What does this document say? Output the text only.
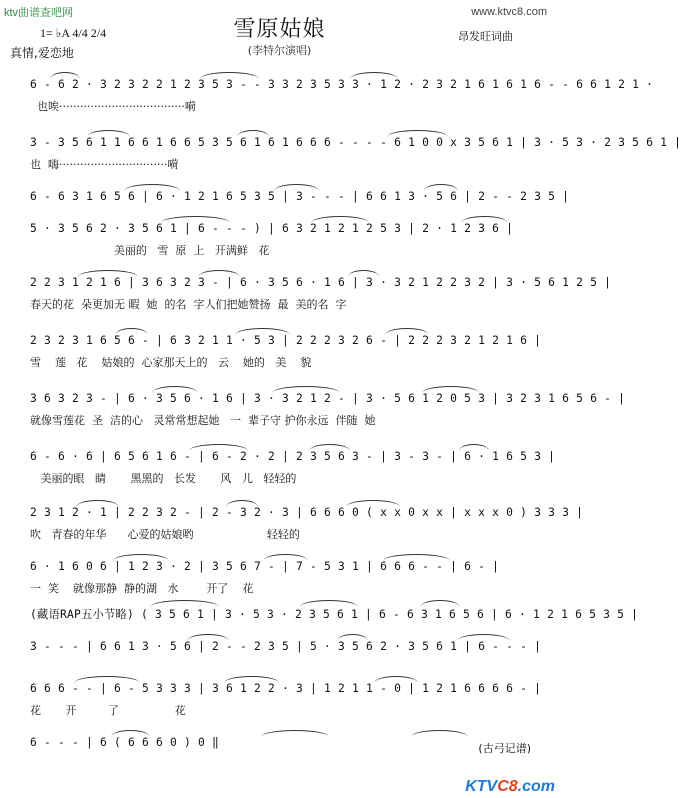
ktv曲谱查吧网	www.ktvc8.com
雪原姑娘
(李特尔演唱)
1= ♭A 4/4 2/4
真情,爱恋地
昂发旺词曲
6 - 6 2 · 3 2 3 2 2 1 2 3 5 3 - - 3 3 2 3 5 3 3 · 1 2 · 2 3 2 1 6 1 6 1 6 - - 6 6 1 2 1 ·
也唉····································嗬
3 - 3 5 6 1 1 6 6 1 6 6 5 3 5 6 1 6 1 6 6 6 - - - - 6 1 0 0 x 3 5 6 1 | 3 · 5 3 · 2 3 5 6 1 |
也  嗨·······························嗬
6 - 6 3 1 6 5 6 | 6 · 1 2 1 6 5 3 5 | 3 - - - | 6 6 1 3 · 5 6 | 2 - - 2 3 5 |
5 · 3 5 6 2 · 3 5 6 1 | 6 - - - ) | 6 3 2 1 2 1 2 5 3 | 2 · 1 2 3 6 |
美丽的   雪  原  上   开满鲜   花
2 2 3 1 2 1 6 | 3 6 3 2 3 - | 6 · 3 5 6 · 1 6 | 3 · 3 2 1 2 2 3 2 | 3 · 5 6 1 2 5 |
春天的花  朵更加无 暇  她  的名  字人们把她赞扬  最  美的名  字
2 3 2 3 1 6 5 6 - | 6 3 2 1 1 · 5 3 | 2 2 2 3 2 6 - | 2 2 2 3 2 1 2 1 6 |
雪    莲   花    姑娘的  心家那天上的   云    她的   美    貌
3 6 3 2 3 - | 6 · 3 5 6 · 1 6 | 3 · 3 2 1 2 - | 3 · 5 6 1 2 0 5 3 | 3 2 3 1 6 5 6 - |
就像雪莲花  圣  洁的心   灵常常想起她   一  辈子守 护你永远  伴随  她
6 - 6 · 6 | 6 5 6 1 6 - | 6 - 2 · 2 | 2 3 5 6 3 - | 3 - 3 - | 6 · 1 6 5 3 |
美丽的眼   睛       黑黑的   长发       风   儿   轻轻的
2 3 1 2 · 1 | 2 2 3 2 - | 2 - 3 2 · 3 | 6 6 6 0 ( x x 0 x x | x x x 0 ) 3 3 3 |
吹   青春的年华      心爱的姑娘哟                     轻轻的
6 · 1 6 0 6 | 1 2 3 · 2 | 3 5 6 7 - | 7 - 5 3 1 | 6 6 6 - - | 6 - |
一  笑    就像那静  静的湖   水        开了    花
(藏语RAP五小节略) ( 3 5 6 1 | 3 · 5 3 · 2 3 5 6 1 | 6 - 6 3 1 6 5 6 | 6 · 1 2 1 6 5 3 5 |
3 - - - | 6 6 1 3 · 5 6 | 2 - - 2 3 5 | 5 · 3 5 6 2 · 3 5 6 1 | 6 - - - |
6 6 6 - - | 6 - 5 3 3 3 | 3 6 1 2 2 · 3 | 1 2 1 1 - 0 | 1 2 1 6 6 6 6 - |
花       开         了                花
6 - - - | 6 ( 6 6 6 0 ) 0 ‖	(古弓记谱)
KTVC8.com
